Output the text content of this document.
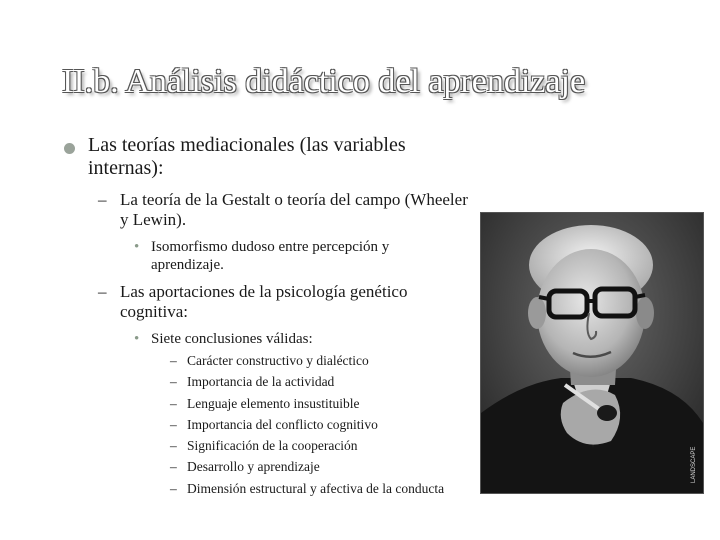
II.b. Análisis didáctico del aprendizaje
Las teorías mediacionales (las variables internas):
– La teoría de la Gestalt o teoría del campo (Wheeler y Lewin).
• Isomorfismo dudoso entre percepción y aprendizaje.
– Las aportaciones de la psicología genético cognitiva:
• Siete conclusiones válidas:
– Carácter constructivo y dialéctico
– Importancia de la actividad
– Lenguaje elemento insustituible
– Importancia del conflicto cognitivo
– Significación de la cooperación
– Desarrollo y aprendizaje
– Dimensión estructural y afectiva de la conducta
LANDSCAPE
